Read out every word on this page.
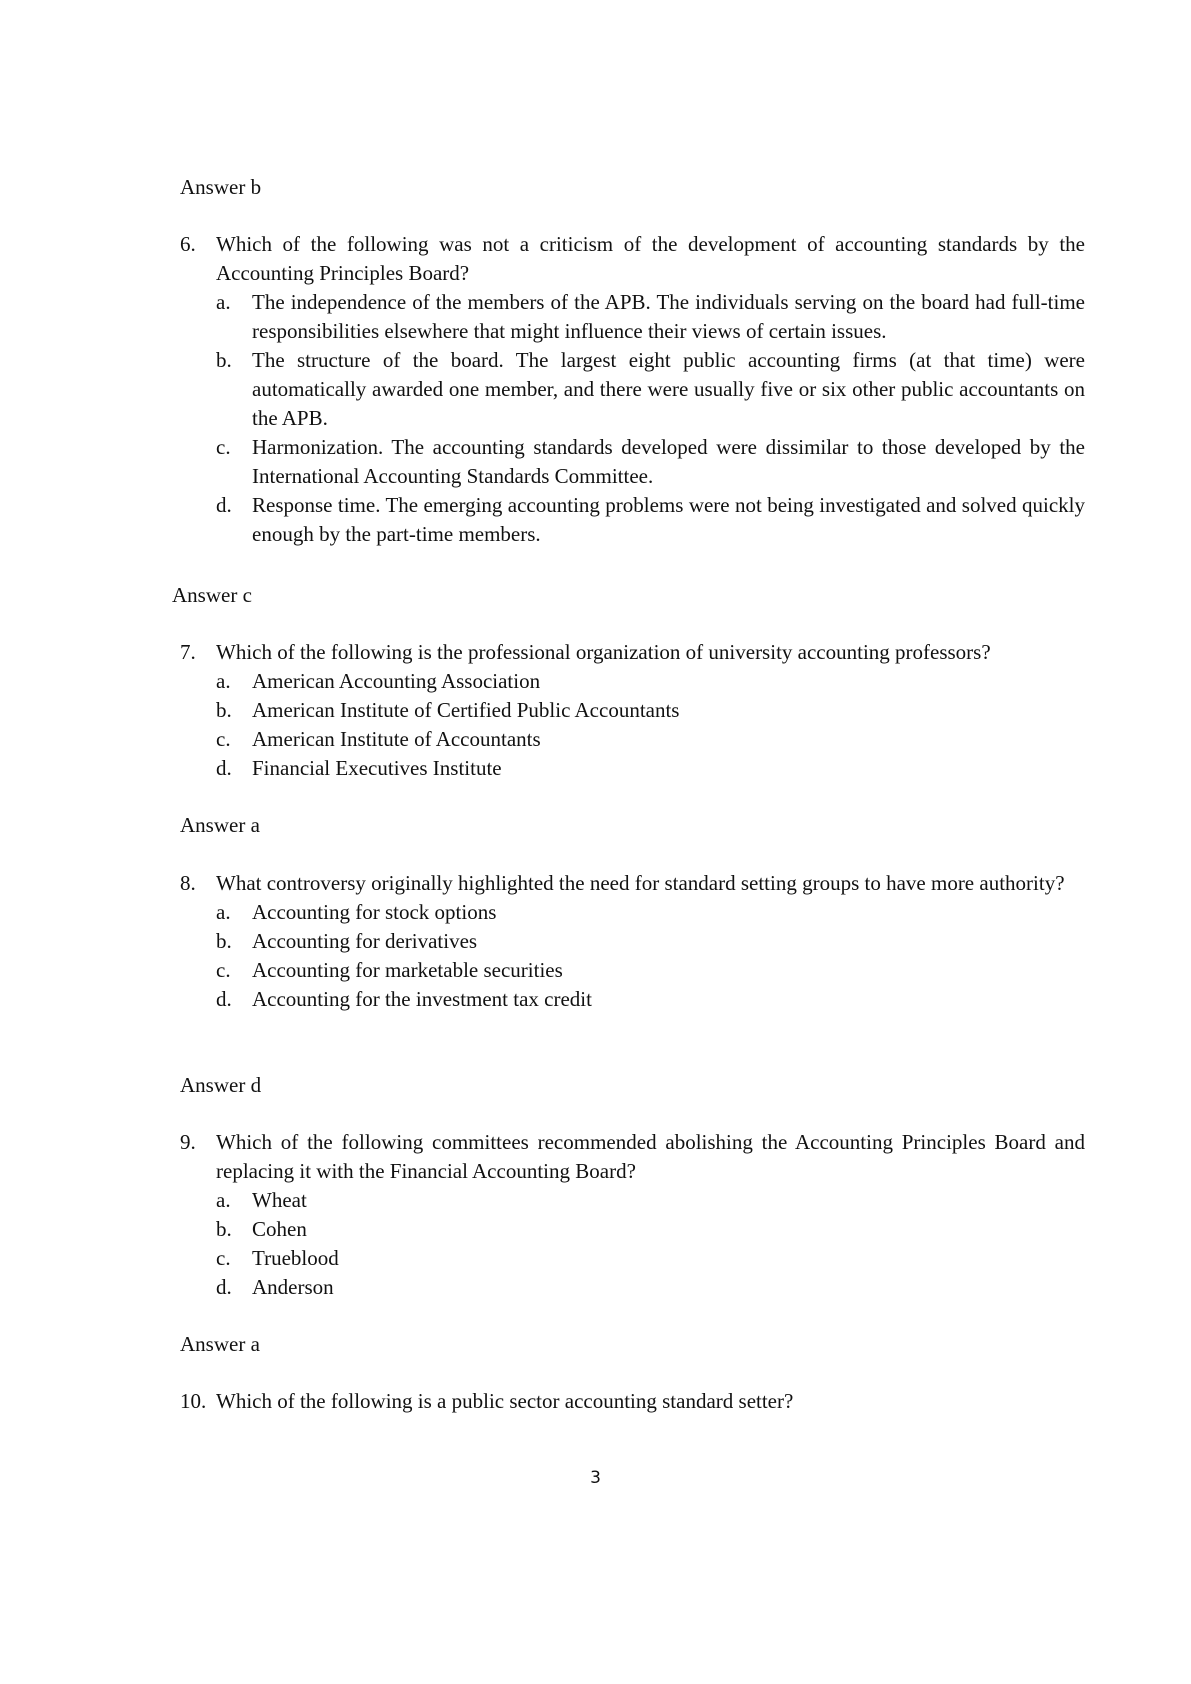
Answer b

6. Which of the following was not a criticism of the development of accounting standards by the Accounting Principles Board?
a.	The independence of the members of the APB. The individuals serving on the board had full-time responsibilities elsewhere that might influence their views of certain issues.
b. The structure of the board. The largest eight public accounting firms (at that time) were automatically awarded one member, and there were usually five or six other public accountants on the APB.
c.	Harmonization. The accounting standards developed were dissimilar to those developed by the International Accounting Standards Committee.
d. Response time. The emerging accounting problems were not being investigated and solved quickly enough by the part-time members.

Answer c

7. Which of the following is the professional organization of university accounting professors?
a.	American Accounting Association
b. American Institute of Certified Public Accountants
c.	American Institute of Accountants
d. Financial Executives Institute

Answer a

8. What controversy originally highlighted the need for standard setting groups to have more authority?
a.	Accounting for stock options
b. Accounting for derivatives
c.	Accounting for marketable securities
d. Accounting for the investment tax credit

Answer d

9. Which of the following committees recommended abolishing the Accounting Principles Board and replacing it with the Financial Accounting Board?
a.	Wheat
b. Cohen
c.	Trueblood
d. Anderson

Answer a

10. Which of the following is a public sector accounting standard setter?

3
